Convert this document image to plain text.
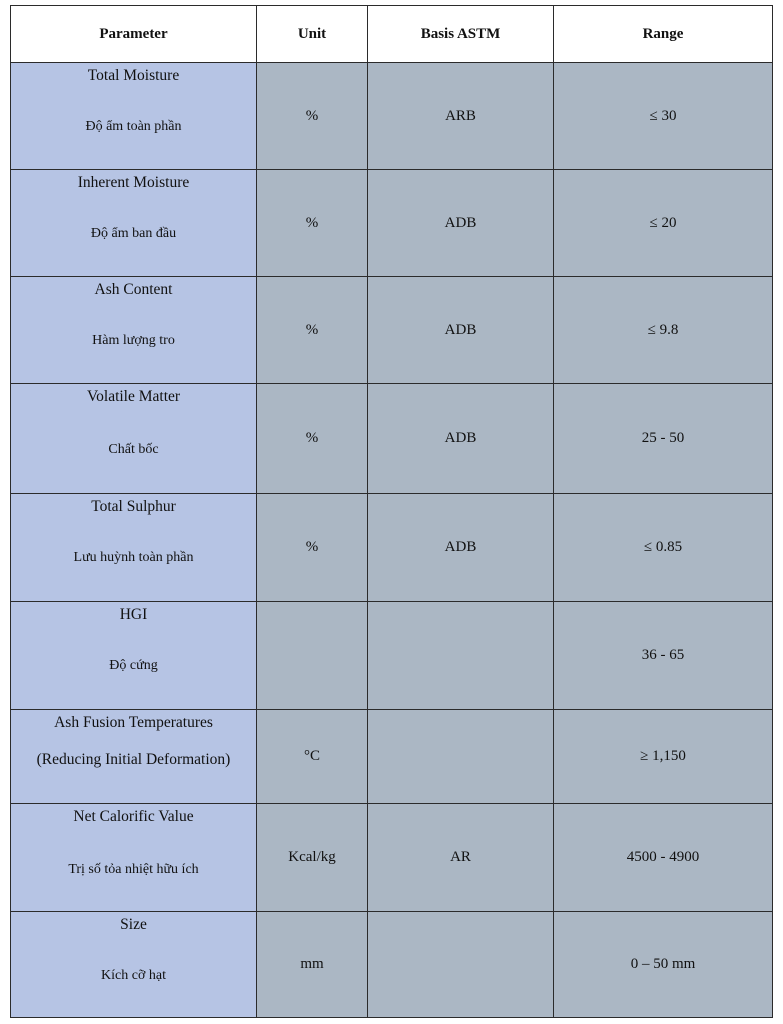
Parameter	Unit	Basis ASTM	Range

Total Moisture
Độ ẩm toàn phần	%	ARB	≤ 30

Inherent Moisture
Độ ẩm ban đầu	%	ADB	≤ 20

Ash Content
Hàm lượng tro	%	ADB	≤ 9.8

Volatile Matter
Chất bốc	%	ADB	25 - 50

Total Sulphur
Lưu huỳnh toàn phần	%	ADB	≤ 0.85

HGI
Độ cứng			36 - 65

Ash Fusion Temperatures
(Reducing Initial Deformation)	°C		≥ 1,150

Net Calorific Value
Trị số tỏa nhiệt hữu ích	Kcal/kg	AR	4500 - 4900

Size
Kích cỡ hạt	mm		0 – 50 mm
